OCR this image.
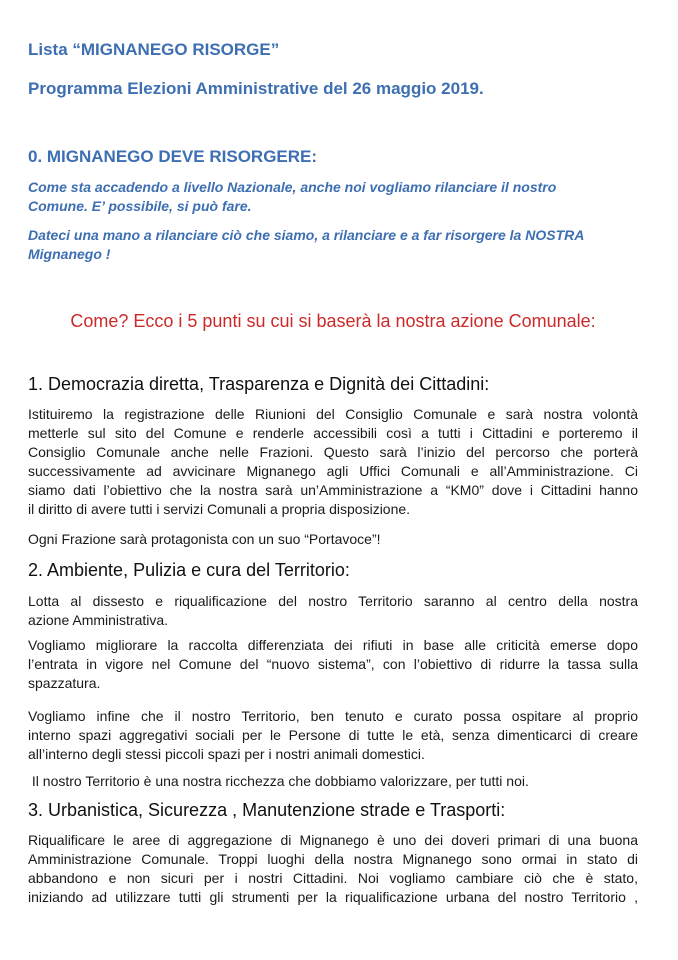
Lista “MIGNANEGO RISORGE”
Programma Elezioni Amministrative del 26 maggio 2019.
0. MIGNANEGO DEVE RISORGERE:
Come sta accadendo a livello Nazionale, anche noi vogliamo rilanciare il nostro
Comune. E’ possibile, si può fare.
Dateci una mano a rilanciare ciò che siamo, a rilanciare e a far risorgere la NOSTRA
Mignanego !
Come? Ecco i 5 punti su cui si baserà la nostra azione Comunale:
1. Democrazia diretta, Trasparenza e Dignità dei Cittadini:
Istituiremo la registrazione delle Riunioni del Consiglio Comunale e sarà nostra volontà
metterle sul sito del Comune e renderle accessibili così a tutti i Cittadini e porteremo il
Consiglio Comunale anche nelle Frazioni. Questo sarà l’inizio del percorso che porterà
successivamente ad avvicinare Mignanego agli Uffici Comunali e all’Amministrazione. Ci
siamo dati l’obiettivo che la nostra sarà un’Amministrazione a “KM0” dove i Cittadini hanno
il diritto di avere tutti i servizi Comunali a propria disposizione.
Ogni Frazione sarà protagonista con un suo “Portavoce”!
2. Ambiente, Pulizia e cura del Territorio:
Lotta al dissesto e riqualificazione del nostro Territorio saranno al centro della nostra
azione Amministrativa.
Vogliamo migliorare la raccolta differenziata dei rifiuti in base alle criticità emerse dopo
l’entrata in vigore nel Comune del “nuovo sistema”, con l’obiettivo di ridurre la tassa sulla
spazzatura.
Vogliamo infine che il nostro Territorio, ben tenuto e curato possa ospitare al proprio
interno spazi aggregativi sociali per le Persone di tutte le età, senza dimenticarci di creare
all’interno degli stessi piccoli spazi per i nostri animali domestici.
Il nostro Territorio è una nostra ricchezza che dobbiamo valorizzare, per tutti noi.
3. Urbanistica, Sicurezza , Manutenzione strade e Trasporti:
Riqualificare le aree di aggregazione di Mignanego è uno dei doveri primari di una buona
Amministrazione Comunale. Troppi luoghi della nostra Mignanego sono ormai in stato di
abbandono e non sicuri per i nostri Cittadini. Noi vogliamo cambiare ciò che è stato,
iniziando ad utilizzare tutti gli strumenti per la riqualificazione urbana del nostro Territorio ,
